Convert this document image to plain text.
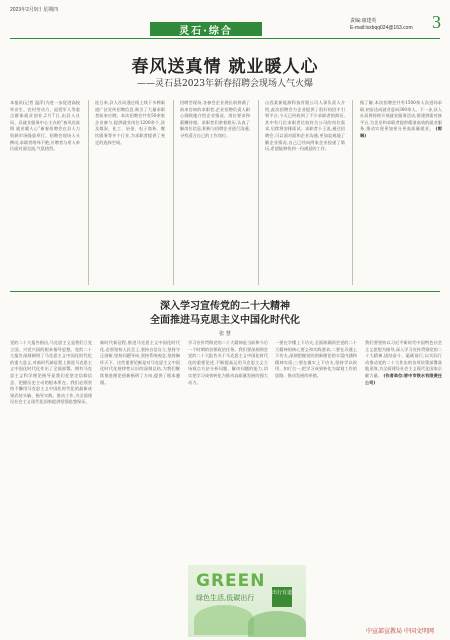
2023年2月9日 星期四
灵石·综合
责编:康建英
E-mail:lsxbqq024@163.com 3
春风送真情 就业暖人心
——灵石县2023年新春招聘会现场人气火爆
本报讯(记者 温萍)为进一步促进高校毕业生、农村劳动力、退役军人等重点群体就业创业,2月7日,由县人社局、县就业服务中心主办的“春风送真情 就业暖人心”新春招聘会在县人力资源市场隆重举行。招聘会现场人头攒动,求职者络绎不绝,应聘者与用人单位面对面交流,气氛热烈。
连日来,县人社局通过线上线下多种渠道广泛宣传招聘信息,吸引了大量求职者前来应聘。本次招聘会共有50余家企业参与,提供就业岗位1200余个,涉及煤炭、化工、冶金、电子商务、餐饮服务等多个行业,为求职者提供了充足的选择空间。
招聘会现场,各参会企业展位前挤满了前来咨询的求职者,企业招聘负责人耐心细致地介绍企业情况、岗位要求和薪酬待遇。求职者们拿着简历,认真了解岗位信息,积极与招聘企业进行沟通,寻找适合自己的工作岗位。
山西某新能源科技有限公司人事负责人介绍,此次招聘会为企业提供了很好的招才引智平台,今天已经收到了不少求职者的简历,其中有几位求职者比较符合公司的岗位需求,后续将安排面试。求职者小王说,通过招聘会,可以面对面和企业沟通,更加直观地了解企业情况,自己已经向两家企业投递了简历,希望能够找到一份满意的工作。
据了解,本次招聘会共有1500余人次进场求职,初步达成就业意向300余人。下一步,县人社局将持续开展就业服务活动,搭建供需对接平台,为企业和求职者提供精准高效的就业服务,推动实现更加充分更高质量就业。 (郭琳)
深入学习宣传党的二十大精神
全面推进马克思主义中国化时代化
张 慧
党的二十大报告指出,马克思主义是我们立党立国、兴党兴国的根本指导思想。党的二十大报告深刻阐明了马克思主义中国化时代化的重大意义,对新时代新征程上推进马克思主义中国化时代化作出了全面部署。拥有马克思主义科学理论指导是我们党坚定信仰信念、把握历史主动的根本所在。我们必须坚持不懈用马克思主义中国化时代化的最新成果武装头脑、指导实践、推动工作,为全面建设社会主义现代化国家提供坚强思想保证。
新时代新征程,推进马克思主义中国化时代化,必须坚持人民至上,坚持自信自立,坚持守正创新,坚持问题导向,坚持系统观念,坚持胸怀天下。这些重要论断是对马克思主义中国化时代化规律性认识的深刻总结,为我们继续推进理论创新指明了方向,提供了根本遵循。
学习宣传贯彻党的二十大精神是当前和今后一个时期的首要政治任务。我们要深刻领会党的二十大报告关于马克思主义中国化时代化的重要论述,不断提高运用马克思主义立场观点方法分析问题、解决问题的能力,切实把学习成效转化为推动高质量发展的强大动力。
一要在学懂上下功夫,全面准确领会党的二十大精神的核心要义和实践要求;二要在弄通上下功夫,深刻把握党的创新理论的丰富内涵和精神实质;三要在做实上下功夫,坚持学以致用、知行合一,把学习成果转化为谋划工作的思路、推动发展的举措。
我们要坚持以习近平新时代中国特色社会主义思想为指导,深入学习宣传贯彻党的二十大精神,团结奋斗、砥砺前行,以实际行动推动党的二十大作出的各项决策部署落地见效,为全面建设社会主义现代化国家贡献力量。 (作者单位:晋中市铁水有限责任公司)
GREEN
绿色生活,低碳出行
出行有道
中宣部宣教局 中国文明网
